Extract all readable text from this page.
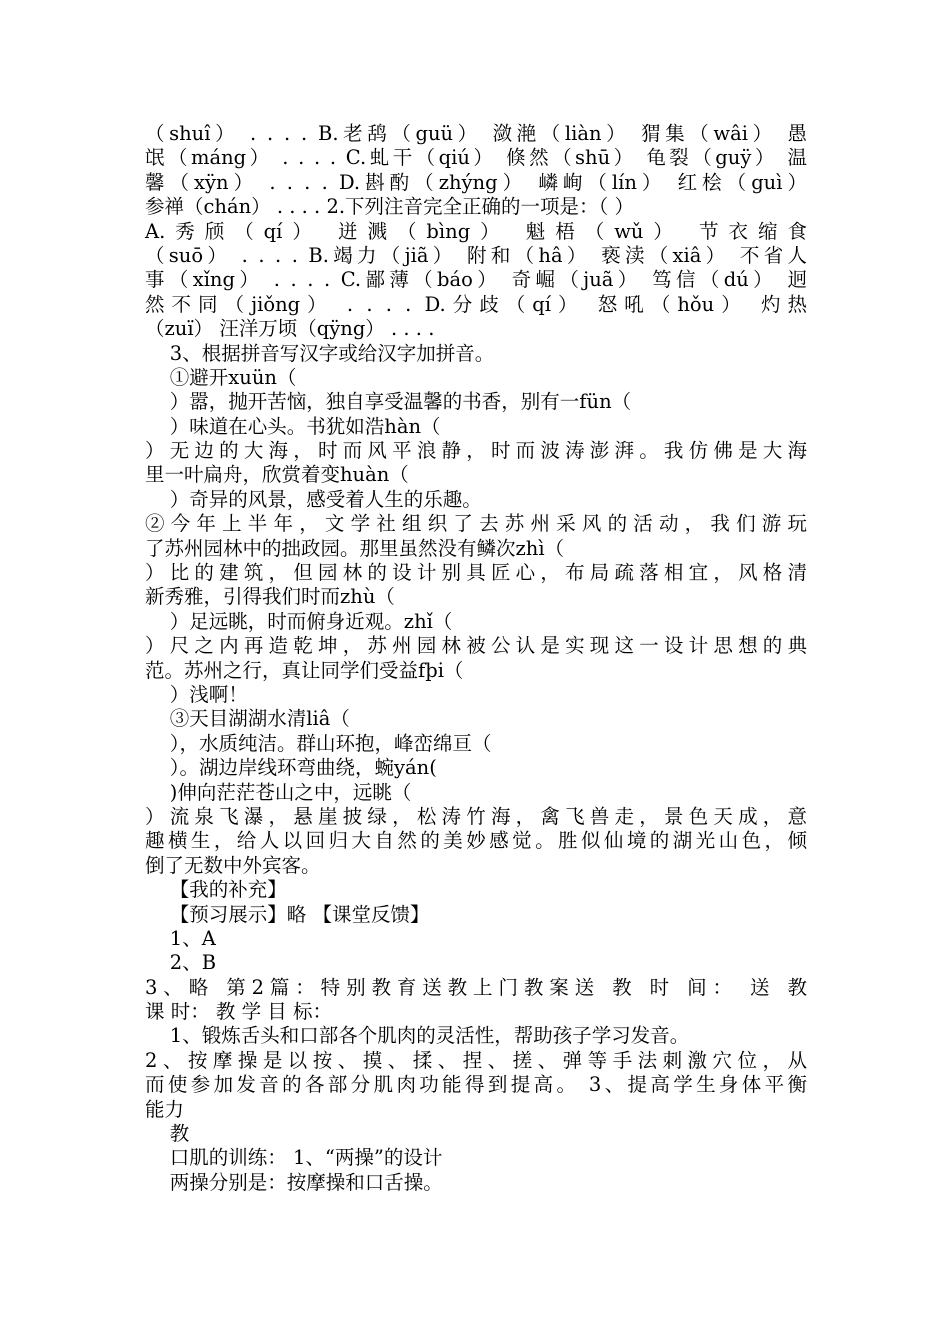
（shuî） . . . . B.老鸹（guü） 潋滟（liàn） 猬集（wâi） 愚
氓（máng） . . . . C.虬干（qiú） 倏然（shū） 龟裂（guÿ） 温
馨（xÿn） . . . . D.斟酌（zhýng） 嶙峋（lín） 红桧（guì）
参禅（chán） . . . . 2.下列注音完全正确的一项是：（ ）
A.秀颀（qí） 迸溅（bìng） 魁梧（wǔ） 节衣缩食
（suō） . . . . B.竭力（jiã） 附和（hâ） 亵渎（xiâ） 不省人
事（xǐng） . . . . C.鄙薄（báo） 奇崛（juã） 笃信（dú） 迥
然不同（jiǒng） . . . . D.分歧（qí） 怒吼（hǒu） 灼热
（zuï） 汪洋万顷（qÿng） . . . .
3、根据拼音写汉字或给汉字加拼音。
①避开xuün（
）嚣，抛开苦恼，独自享受温馨的书香，别有一fün（
）味道在心头。书犹如浩hàn（
）无边的大海，时而风平浪静，时而波涛澎湃。我仿佛是大海
里一叶扁舟，欣赏着变huàn（
）奇异的风景，感受着人生的乐趣。
②今年上半年，文学社组织了去苏州采风的活动，我们游玩
了苏州园林中的拙政园。那里虽然没有鳞次zhì（
）比的建筑，但园林的设计别具匠心，布局疏落相宜，风格清
新秀雅，引得我们时而zhù（
）足远眺，时而俯身近观。zhǐ（
）尺之内再造乾坤，苏州园林被公认是实现这一设计思想的典
范。苏州之行，真让同学们受益fþi（
）浅啊！
③天目湖湖水清liâ（
），水质纯洁。群山环抱，峰峦绵亘（
）。湖边岸线环弯曲绕，蜿yán(
)伸向茫茫苍山之中，远眺（
）流泉飞瀑，悬崖披绿，松涛竹海，禽飞兽走，景色天成，意
趣横生，给人以回归大自然的美妙感觉。胜似仙境的湖光山色，倾
倒了无数中外宾客。
【我的补充】
【预习展示】略 【课堂反馈】
1、A
2、B
3、略 第2篇：特别教育送教上门教案送 教 时 间： 送 教
课 时： 教 学 目 标：
1、锻炼舌头和口部各个肌肉的灵活性，帮助孩子学习发音。
2、按摩操是以按、摸、揉、捏、搓、弹等手法刺激穴位，从
而使参加发音的各部分肌肉功能得到提高。 3、提高学生身体平衡
能力
教
口肌的训练： 1、“两操”的设计
两操分别是：按摩操和口舌操。
